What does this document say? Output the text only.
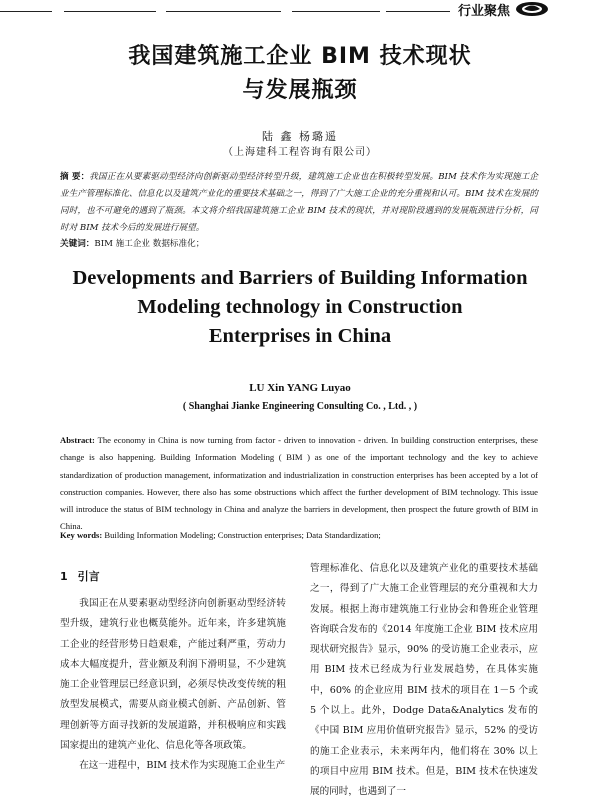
行业聚焦
我国建筑施工企业 BIM 技术现状
与发展瓶颈
陆 鑫 杨璐遥
（上海建科工程咨询有限公司）
摘 要：我国正在从要素驱动型经济向创新驱动型经济转型升级，建筑施工企业也在积极转型发展。BIM 技术作为实现施工企业生产管理标准化、信息化以及建筑产业化的重要技术基础之一，得到了广大施工企业的充分重视和认可。BIM 技术在发展的同时，也不可避免的遇到了瓶颈。本文将介绍我国建筑施工企业 BIM 技术的现状，并对现阶段遇到的发展瓶颈进行分析，同时对 BIM 技术今后的发展进行展望。
关键词：BIM 施工企业 数据标准化；
Developments and Barriers of Building Information
Modeling technology in Construction
Enterprises in China
LU Xin YANG Luyao
( Shanghai Jianke Engineering Consulting Co. , Ltd. , )
Abstract: The economy in China is now turning from factor - driven to innovation - driven. In building construction enterprises, these change is also happening. Building Information Modeling ( BIM ) as one of the important technology and the key to achieve standardization of production management, informatization and industrialization in construction enterprises has been accepted by a lot of construction companies. However, there also has some obstructions which affect the further development of BIM technology. This issue will introduce the status of BIM technology in China and analyze the barriers in development, then prospect the future growth of BIM in China.
Key words: Building Information Modeling; Construction enterprises; Data Standardization;
1 引言
我国正在从要素驱动型经济向创新驱动型经济转型升级，建筑行业也概莫能外。近年来，许多建筑施工企业的经营形势日趋艰难，产能过剩严重，劳动力成本大幅度提升，营业额及利润下滑明显，不少建筑施工企业管理层已经意识到，必须尽快改变传统的粗放型发展模式，需要从商业模式创新、产品创新、管理创新等方面寻找新的发展道路，并积极响应和实践国家提出的建筑产业化、信息化等各项政策。
在这一进程中，BIM 技术作为实现施工企业生产
管理标准化、信息化以及建筑产业化的重要技术基础之一，得到了广大施工企业管理层的充分重视和大力发展。根据上海市建筑施工行业协会和鲁班企业管理咨询联合发布的《2014 年度施工企业 BIM 技术应用现状研究报告》显示，90% 的受访施工企业表示，应用 BIM 技术已经成为行业发展趋势，在具体实施中，60% 的企业应用 BIM 技术的项目在 1－5 个或 5 个以上。此外，Dodge Data&Analytics 发布的《中国 BIM 应用价值研究报告》显示，52% 的受访的施工企业表示，未来两年内，他们将在 30% 以上的项目中应用 BIM 技术。但是，BIM 技术在快速发展的同时，也遇到了一
